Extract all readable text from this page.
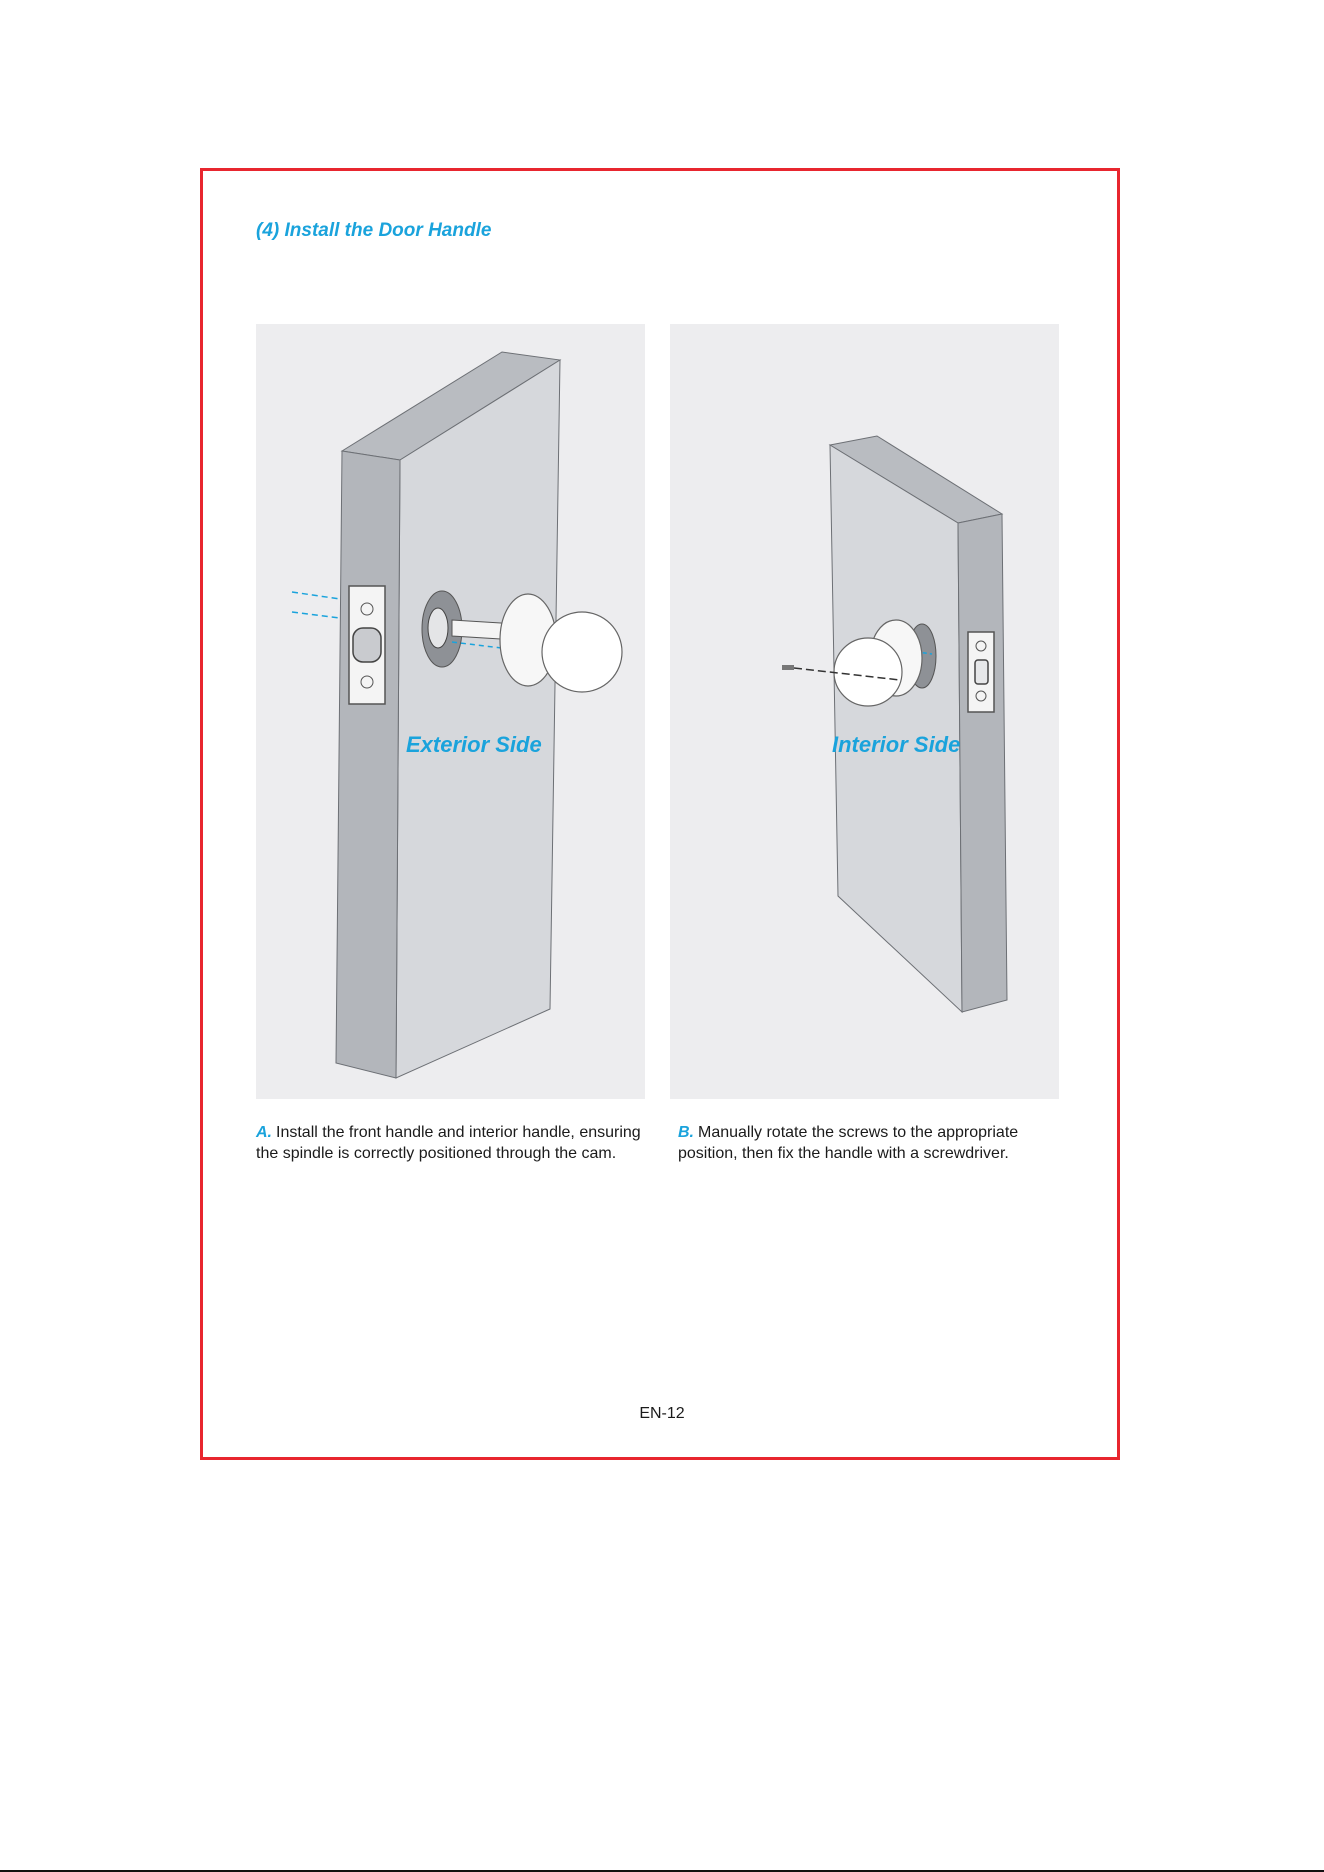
(4) Install the Door Handle
Exterior Side	Interior Side
A. Install the front handle and interior handle, ensuring the spindle is correctly positioned through the cam.
B. Manually rotate the screws to the appropriate position, then fix the handle with a screwdriver.
EN-12
